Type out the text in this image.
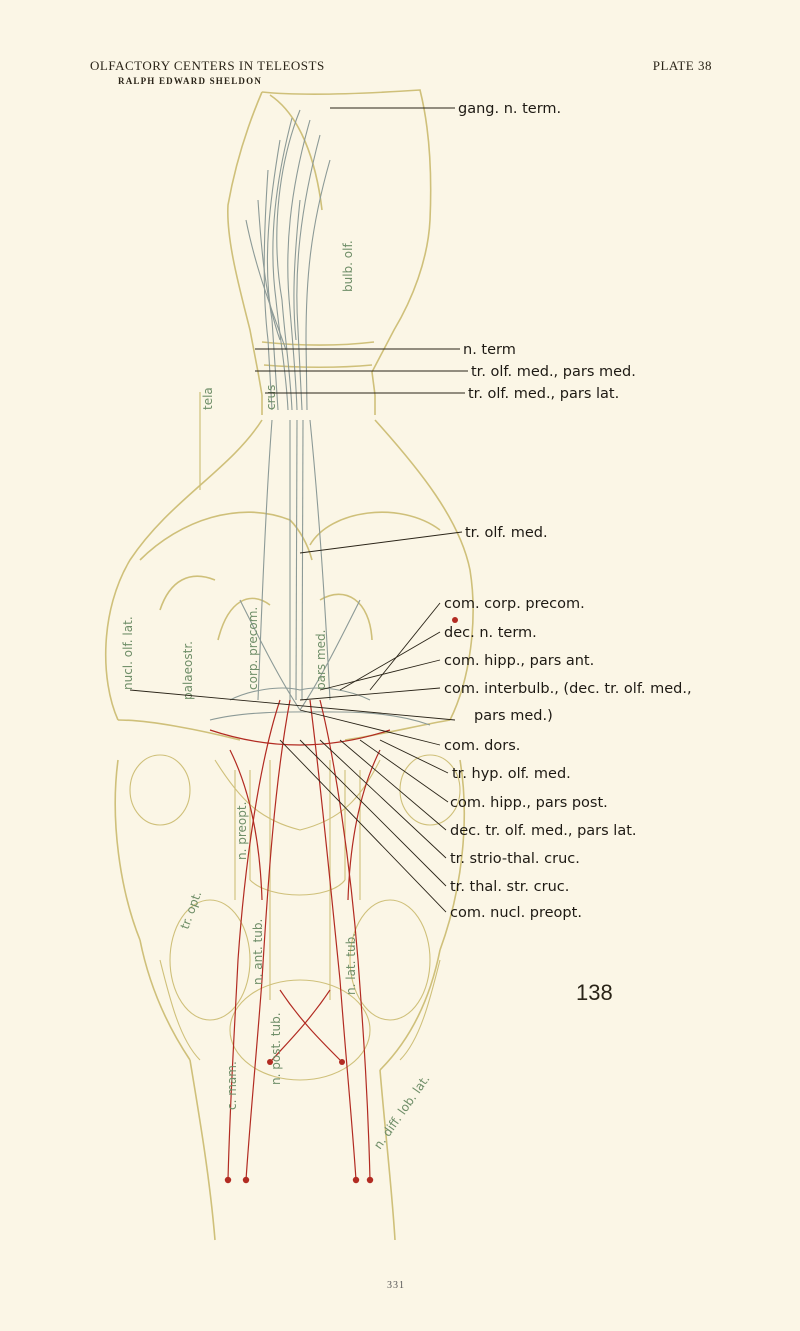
OLFACTORY CENTERS IN TELEOSTS
RALPH EDWARD SHELDON
PLATE 38
bulb. olf.
crus
tela
nucl. olf. lat.	palaeostr.	corp. precom.	pars med.
tr. opt.
n. preopt.
n. ant. tub.
n. post. tub.
n. lat. tub.
c. mam.	n. diff. lob. lat.
gang. n. term.
n. term
tr. olf. med., pars med.
tr. olf. med., pars lat.
tr. olf. med.
com. corp. precom.
dec. n. term.
com. hipp., pars ant.
com. interbulb., (dec. tr. olf. med.,
pars med.)
com. dors.
tr. hyp. olf. med.
com. hipp., pars post.
dec. tr. olf. med., pars lat.
tr. strio-thal. cruc.
tr. thal. str. cruc.
com. nucl. preopt.
138
331
